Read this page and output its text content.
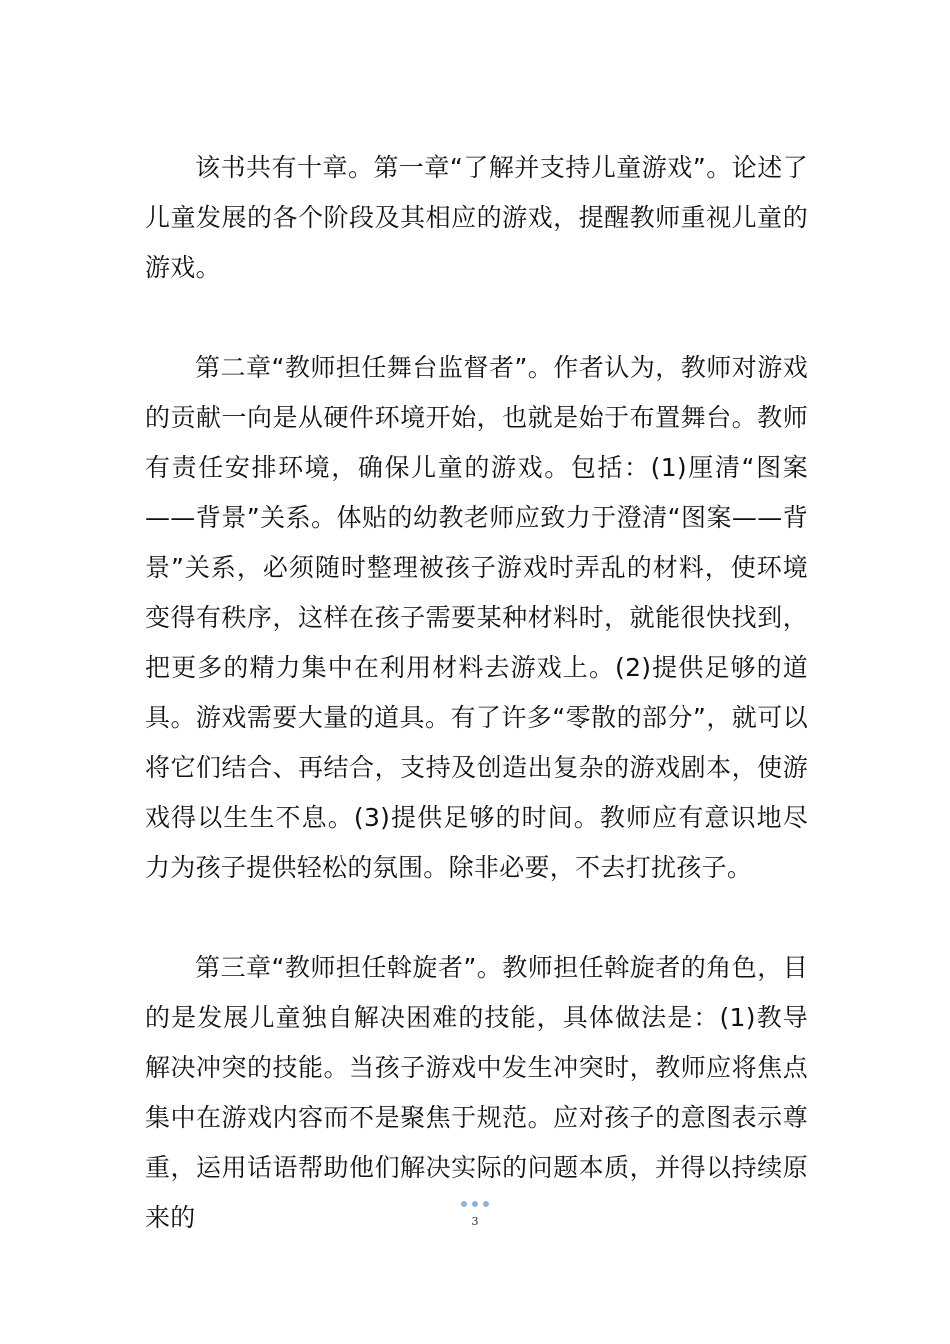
该书共有十章。第一章“了解并支持儿童游戏”。论述了儿童发展的各个阶段及其相应的游戏，提醒教师重视儿童的游戏。

第二章“教师担任舞台监督者”。作者认为，教师对游戏的贡献一向是从硬件环境开始，也就是始于布置舞台。教师有责任安排环境，确保儿童的游戏。包括：(1)厘清“图案——背景”关系。体贴的幼教老师应致力于澄清“图案——背景”关系，必须随时整理被孩子游戏时弄乱的材料，使环境变得有秩序，这样在孩子需要某种材料时，就能很快找到，把更多的精力集中在利用材料去游戏上。(2)提供足够的道具。游戏需要大量的道具。有了许多“零散的部分”，就可以将它们结合、再结合，支持及创造出复杂的游戏剧本，使游戏得以生生不息。(3)提供足够的时间。教师应有意识地尽力为孩子提供轻松的氛围。除非必要，不去打扰孩子。

第三章“教师担任斡旋者”。教师担任斡旋者的角色，目的是发展儿童独自解决困难的技能，具体做法是：(1)教导解决冲突的技能。当孩子游戏中发生冲突时，教师应将焦点集中在游戏内容而不是聚焦于规范。应对孩子的意图表示尊重，运用话语帮助他们解决实际的问题本质，并得以持续原来的

	3
